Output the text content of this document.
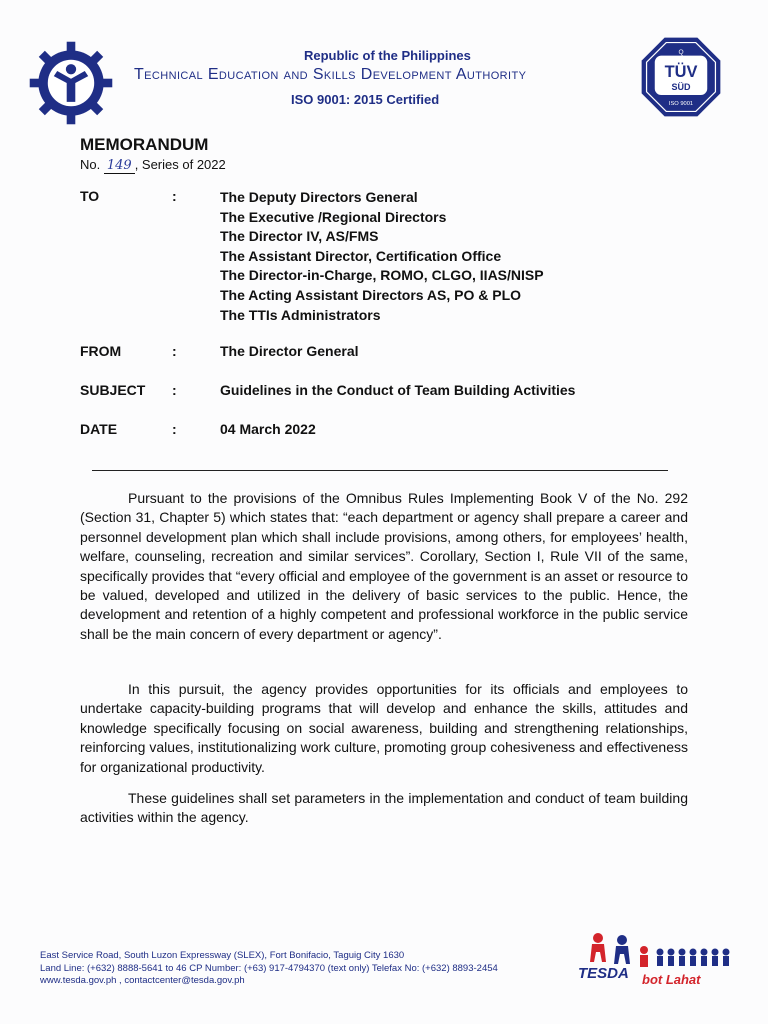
Republic of the Philippines
Technical Education and Skills Development Authority
ISO 9001: 2015 Certified
Q
TÜV
SÜD
ISO 9001
MEMORANDUM
No. 149 , Series of 2022
TO	:	The Deputy Directors General
The Executive /Regional Directors
The Director IV, AS/FMS
The Assistant Director, Certification Office
The Director-in-Charge, ROMO, CLGO, IIAS/NISP
The Acting Assistant Directors AS, PO & PLO
The TTIs Administrators
FROM	:	The Director General
SUBJECT :	Guidelines in the Conduct of Team Building Activities
DATE	:	04 March 2022

Pursuant to the provisions of the Omnibus Rules Implementing Book V of the No. 292 (Section 31, Chapter 5) which states that: “each department or agency shall prepare a career and personnel development plan which shall include provisions, among others, for employees’ health, welfare, counseling, recreation and similar services”. Corollary, Section I, Rule VII of the same, specifically provides that “every official and employee of the government is an asset or resource to be valued, developed and utilized in the delivery of basic services to the public. Hence, the development and retention of a highly competent and professional workforce in the public service shall be the main concern of every department or agency”.

In this pursuit, the agency provides opportunities for its officials and employees to undertake capacity-building programs that will develop and enhance the skills, attitudes and knowledge specifically focusing on social awareness, building and strengthening relationships, reinforcing values, institutionalizing work culture, promoting group cohesiveness and effectiveness for organizational productivity.

These guidelines shall set parameters in the implementation and conduct of team building activities within the agency.

East Service Road, South Luzon Expressway (SLEX), Fort Bonifacio, Taguig City 1630
Land Line: (+632) 8888-5641 to 46 CP Number: (+63) 917-4794370 (text only) Telefax No: (+632) 8893-2454
www.tesda.gov.ph , contactcenter@tesda.gov.ph	TESDA bot Lahat
